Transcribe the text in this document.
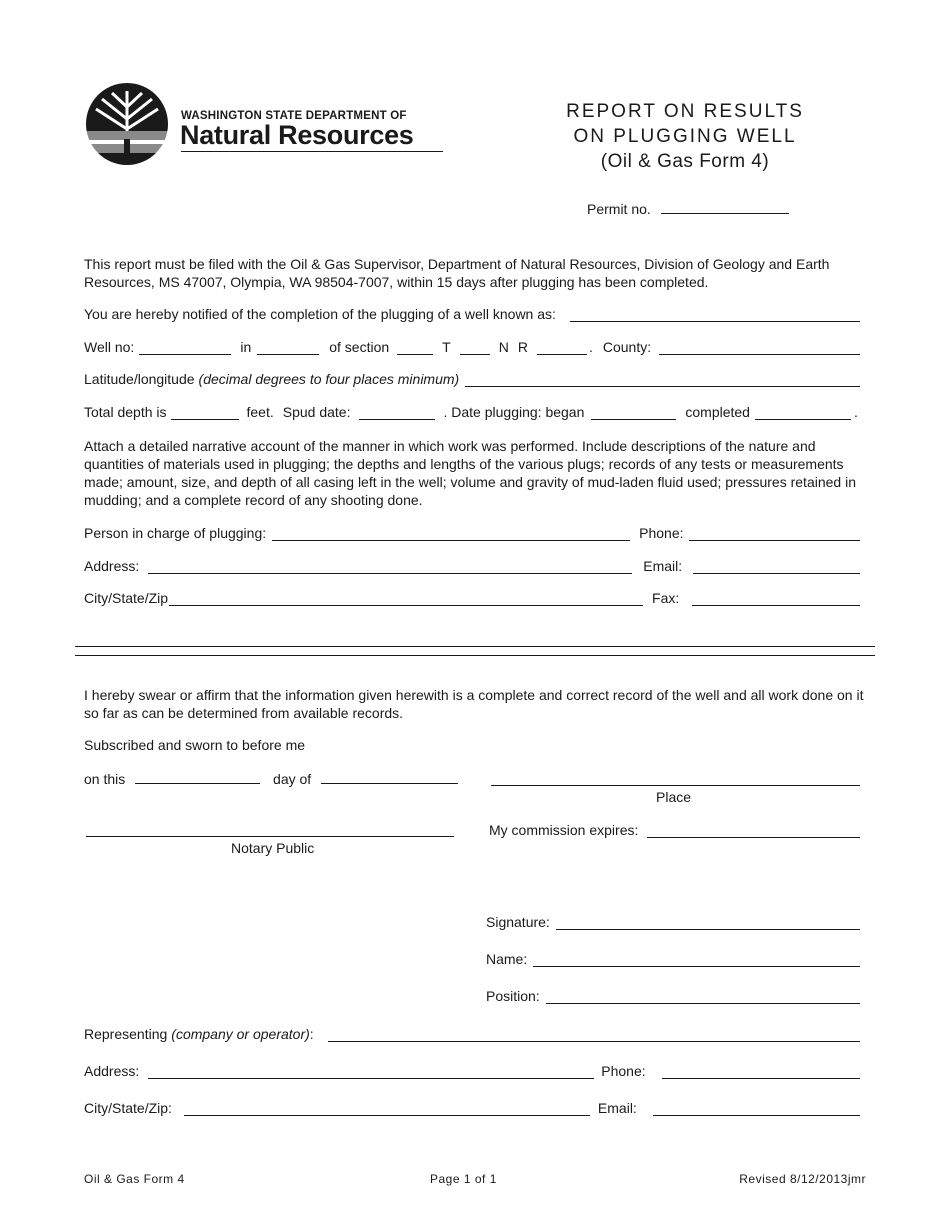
WASHINGTON STATE DEPARTMENT OF
Natural Resources
REPORT ON RESULTS
ON PLUGGING WELL
(Oil & Gas Form 4)
Permit no.
This report must be filed with the Oil & Gas Supervisor, Department of Natural Resources, Division of Geology and Earth Resources, MS 47007, Olympia, WA 98504-7007, within 15 days after plugging has been completed.
You are hereby notified of the completion of the plugging of a well known as:
Well no:	in	of section	T	N R	. County:
Latitude/longitude (decimal degrees to four places minimum)
Total depth is	feet. Spud date:	. Date plugging: began	completed	.
Attach a detailed narrative account of the manner in which work was performed. Include descriptions of the nature and quantities of materials used in plugging; the depths and lengths of the various plugs; records of any tests or measurements made; amount, size, and depth of all casing left in the well; volume and gravity of mud-laden fluid used; pressures retained in mudding; and a complete record of any shooting done.
Person in charge of plugging:	Phone:
Address:	Email:
City/State/Zip	Fax:
I hereby swear or affirm that the information given herewith is a complete and correct record of the well and all work done on it so far as can be determined from available records.
Subscribed and sworn to before me
on this	day of
Place
Notary Public
My commission expires:
Signature:
Name:
Position:
Representing (company or operator) :
Address:	Phone:
City/State/Zip:	Email:
Oil & Gas Form 4	Page 1 of 1	Revised 8/12/2013jmr
